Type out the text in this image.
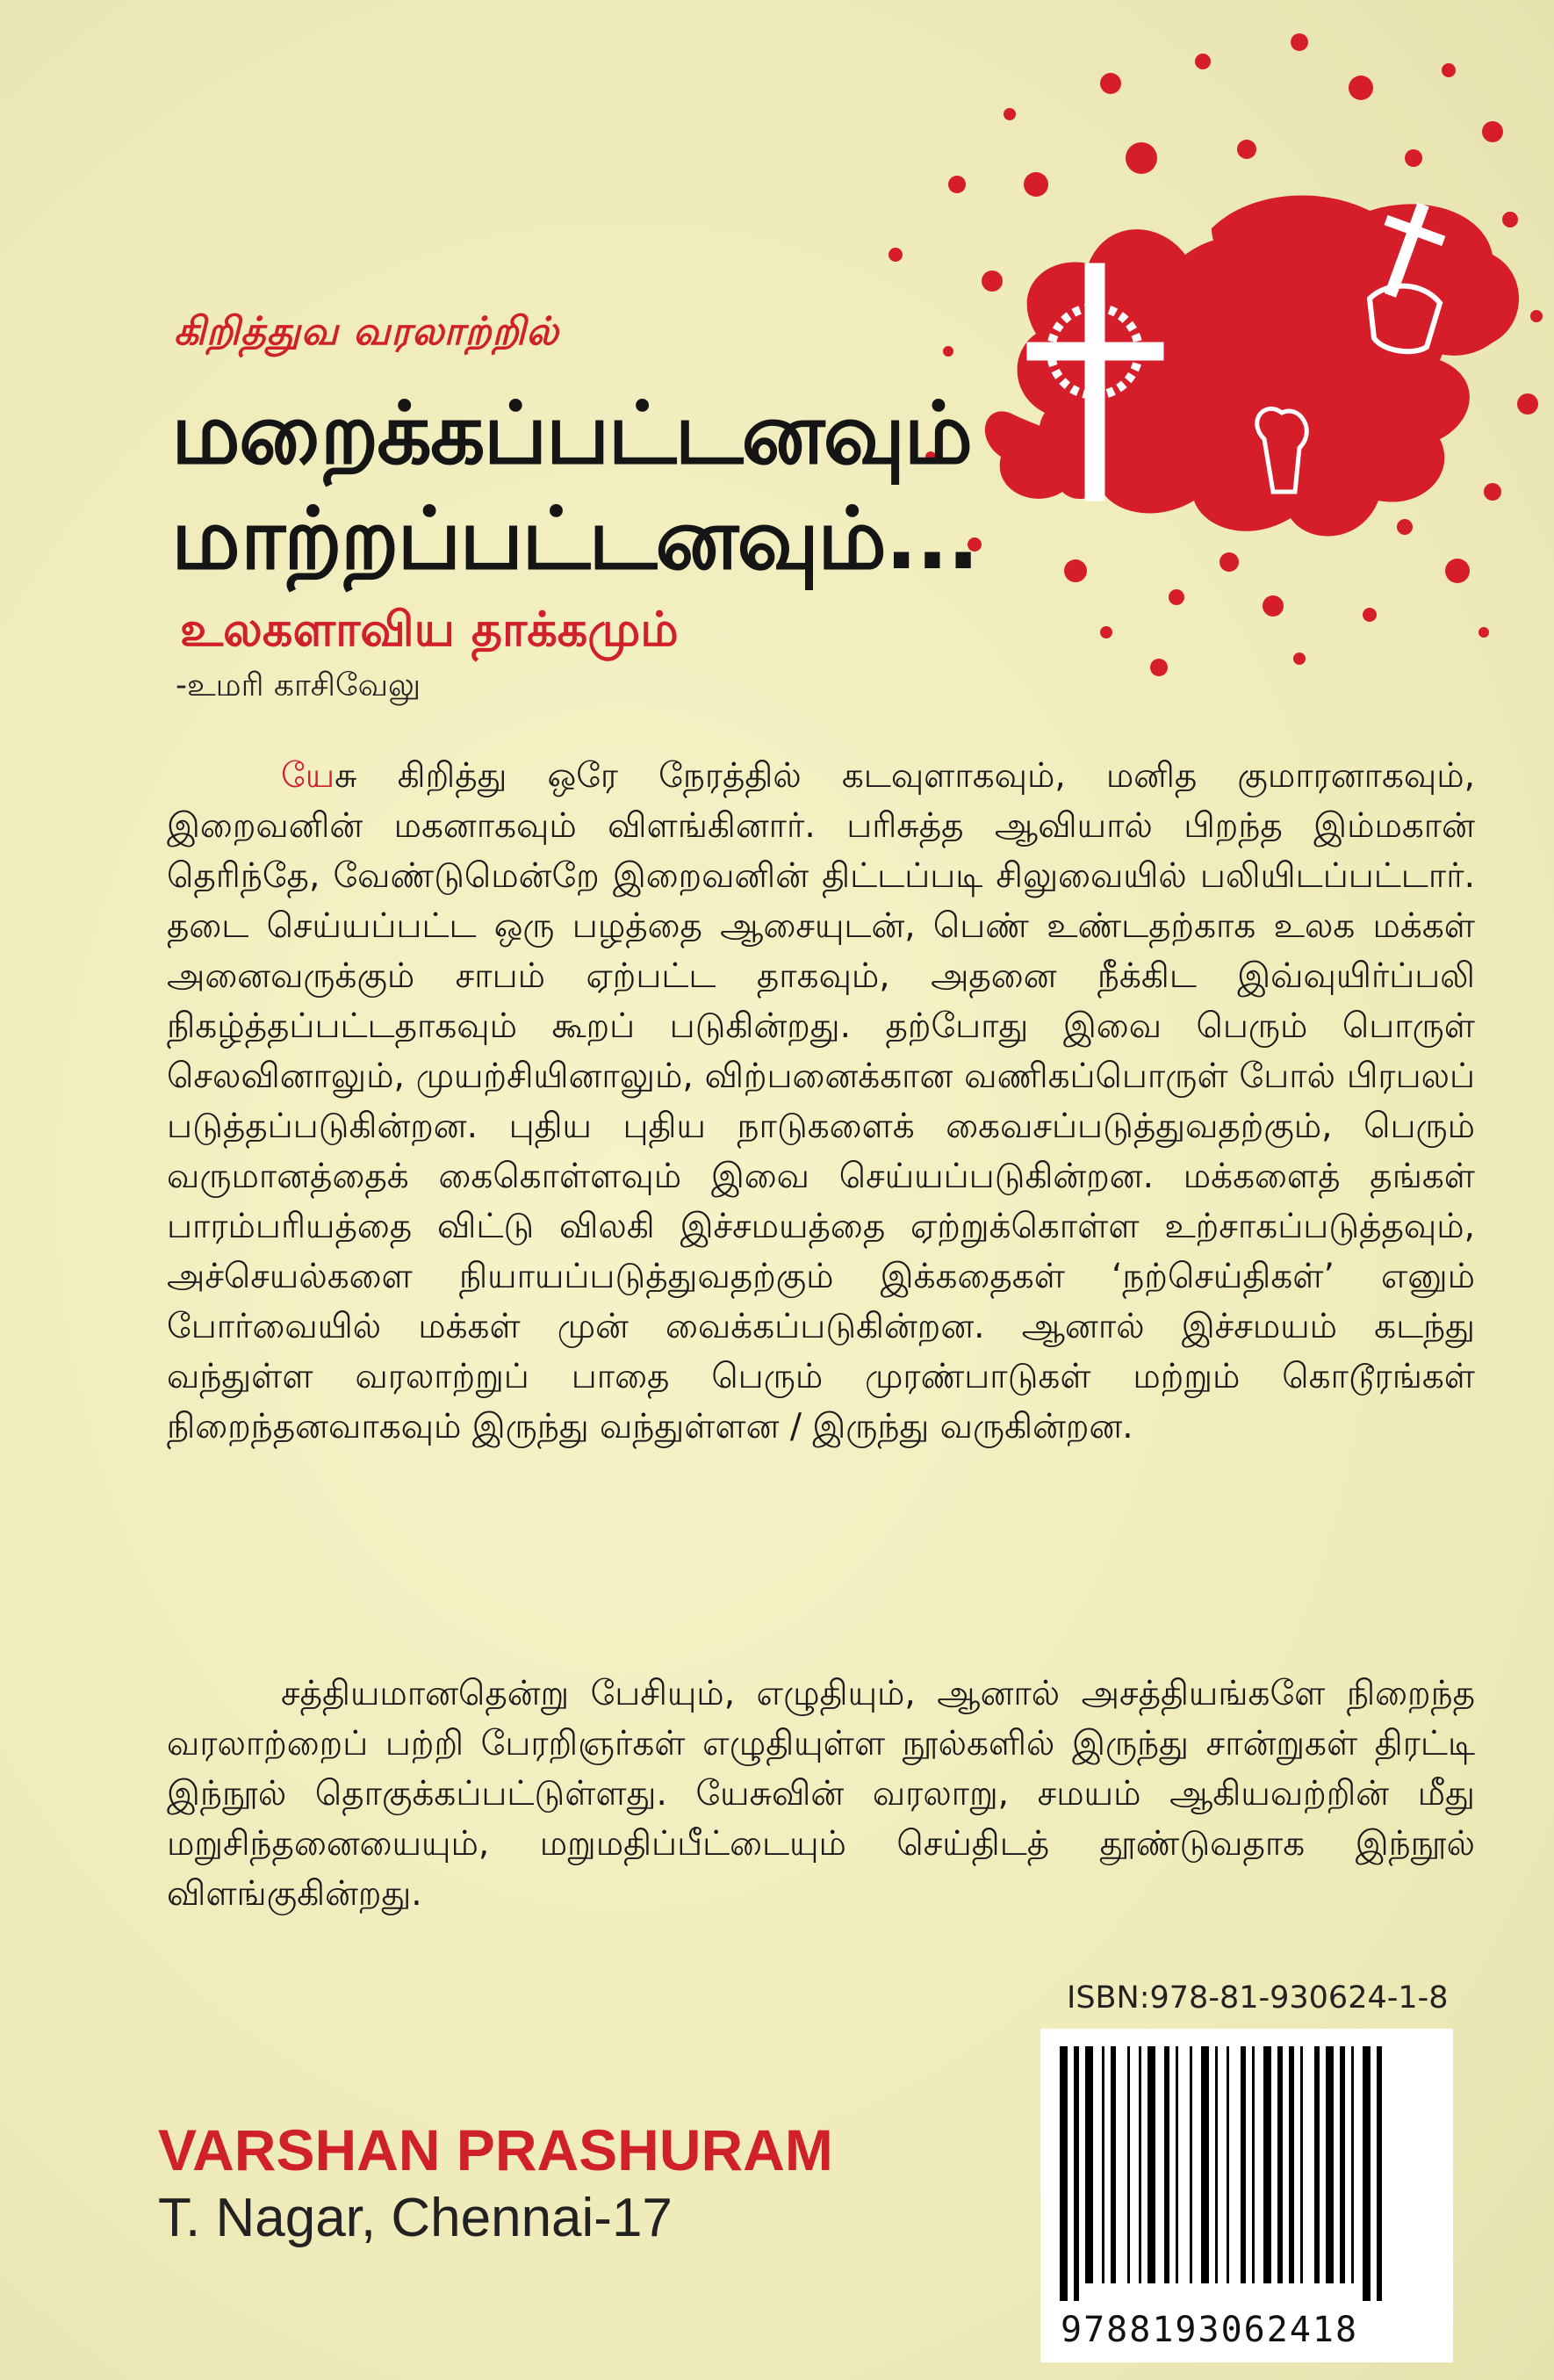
கிறித்துவ வரலாற்றில்
மறைக்கப்பட்டனவும்
மாற்றப்பட்டனவும்...
உலகளாவிய தாக்கமும்
-உமரி காசிவேலு
யேசு கிறித்து ஒரே நேரத்தில் கடவுளாகவும், மனித குமாரனாகவும், இறைவனின் மகனாகவும் விளங்கினார். பரிசுத்த ஆவியால் பிறந்த இம்மகான் தெரிந்தே, வேண்டுமென்றே இறைவனின் திட்டப்படி சிலுவையில் பலியிடப்பட்டார். தடை செய்யப்பட்ட ஒரு பழத்தை ஆசையுடன், பெண் உண்டதற்காக உலக மக்கள் அனைவருக்கும் சாபம் ஏற்பட்ட தாகவும், அதனை நீக்கிட இவ்வுயிர்ப்பலி நிகழ்த்தப்பட்டதாகவும் கூறப் படுகின்றது. தற்போது இவை பெரும் பொருள் செலவினாலும், முயற்சியினாலும், விற்பனைக்கான வணிகப்பொருள் போல் பிரபலப் படுத்தப்படுகின்றன. புதிய புதிய நாடுகளைக் கைவசப்படுத்துவதற்கும், பெரும் வருமானத்தைக் கைகொள்ளவும் இவை செய்யப்படுகின்றன. மக்களைத் தங்கள் பாரம்பரியத்தை விட்டு விலகி இச்சமயத்தை ஏற்றுக்கொள்ள உற்சாகப்படுத்தவும், அச்செயல்களை நியாயப்படுத்துவதற்கும் இக்கதைகள் ‘நற்செய்திகள்’ எனும் போர்வையில் மக்கள் முன் வைக்கப்படுகின்றன. ஆனால் இச்சமயம் கடந்து வந்துள்ள வரலாற்றுப் பாதை பெரும் முரண்பாடுகள் மற்றும் கொடூரங்கள் நிறைந்தனவாகவும் இருந்து வந்துள்ளன / இருந்து வருகின்றன.
சத்தியமானதென்று பேசியும், எழுதியும், ஆனால் அசத்தியங்களே நிறைந்த வரலாற்றைப் பற்றி பேரறிஞர்கள் எழுதியுள்ள நூல்களில் இருந்து சான்றுகள் திரட்டி இந்நூல் தொகுக்கப்பட்டுள்ளது. யேசுவின் வரலாறு, சமயம் ஆகியவற்றின் மீது மறுசிந்தனையையும், மறுமதிப்பீட்டையும் செய்திடத் தூண்டுவதாக இந்நூல் விளங்குகின்றது.
ISBN:978-81-930624-1-8
9788193062418
VARSHAN PRASHURAM
T. Nagar, Chennai-17
